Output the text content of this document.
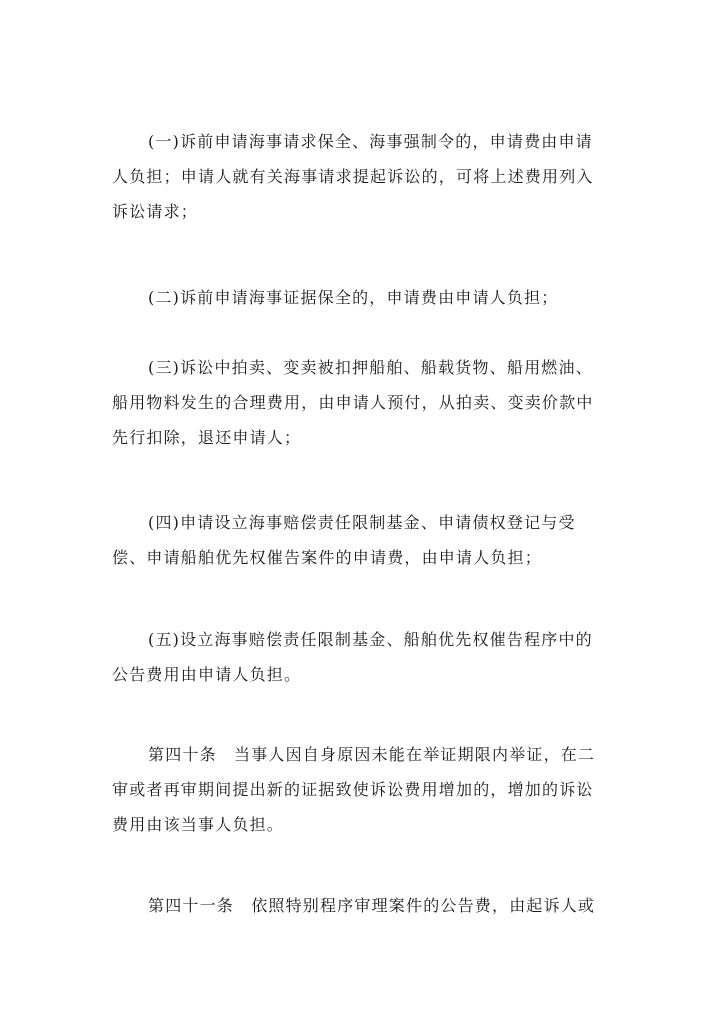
(一)诉前申请海事请求保全、海事强制令的，申请费由申请
人负担；申请人就有关海事请求提起诉讼的，可将上述费用列入
诉讼请求；

(二)诉前申请海事证据保全的，申请费由申请人负担；

(三)诉讼中拍卖、变卖被扣押船舶、船载货物、船用燃油、
船用物料发生的合理费用，由申请人预付，从拍卖、变卖价款中
先行扣除，退还申请人；

(四)申请设立海事赔偿责任限制基金、申请债权登记与受
偿、申请船舶优先权催告案件的申请费，由申请人负担；

(五)设立海事赔偿责任限制基金、船舶优先权催告程序中的
公告费用由申请人负担。

第四十条　当事人因自身原因未能在举证期限内举证，在二
审或者再审期间提出新的证据致使诉讼费用增加的，增加的诉讼
费用由该当事人负担。

第四十一条　依照特别程序审理案件的公告费，由起诉人或
